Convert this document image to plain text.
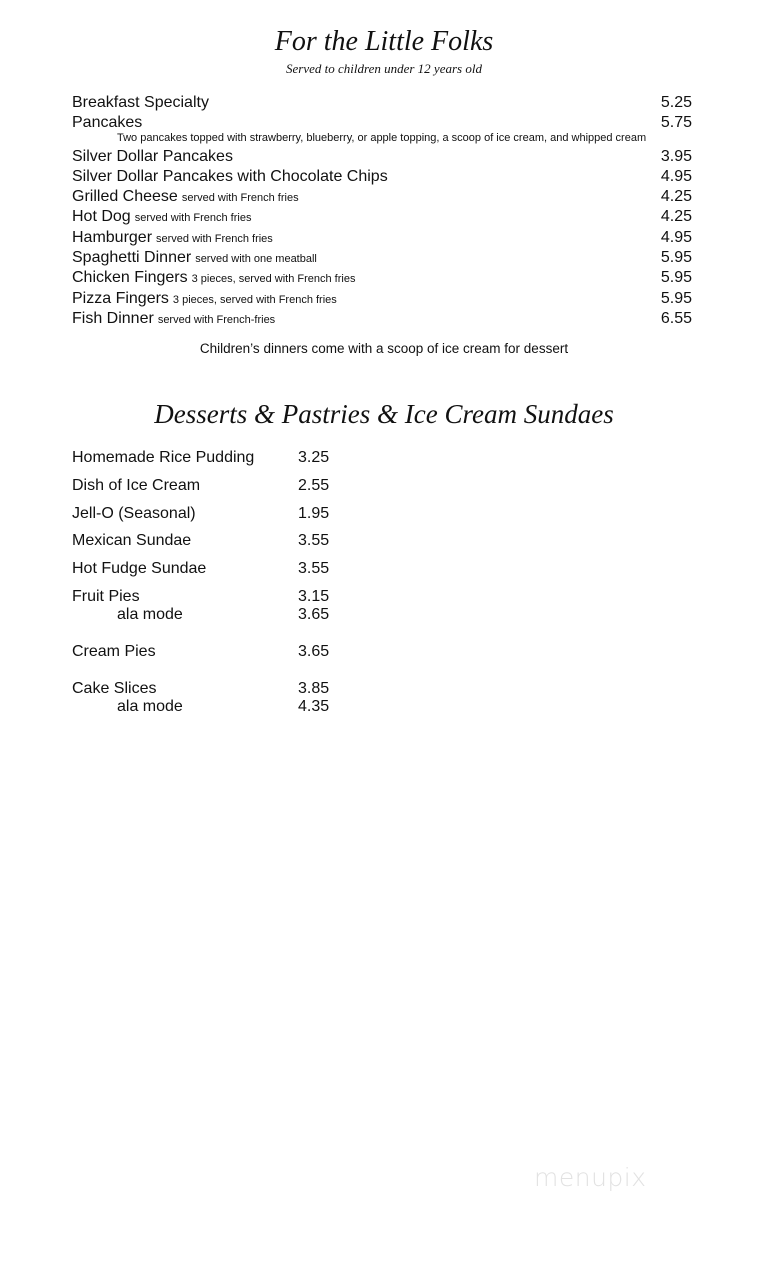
For the Little Folks
Served to children under 12 years old
Breakfast Specialty	5.25
Pancakes	5.75
Two pancakes topped with strawberry, blueberry, or apple topping, a scoop of ice cream, and whipped cream
Silver Dollar Pancakes	3.95
Silver Dollar Pancakes with Chocolate Chips	4.95
Grilled Cheese served with French fries	4.25
Hot Dog served with French fries	4.25
Hamburger served with French fries	4.95
Spaghetti Dinner served with one meatball	5.95
Chicken Fingers 3 pieces, served with French fries	5.95
Pizza Fingers 3 pieces, served with French fries	5.95
Fish Dinner served with French-fries	6.55
Children’s dinners come with a scoop of ice cream for dessert
Desserts & Pastries & Ice Cream Sundaes
Homemade Rice Pudding	3.25
Dish of Ice Cream	2.55
Jell-O (Seasonal)	1.95
Mexican Sundae	3.55
Hot Fudge Sundae	3.55
Fruit Pies	3.15
ala mode	3.65
Cream Pies	3.65
Cake Slices	3.85
ala mode	4.35
menupix
